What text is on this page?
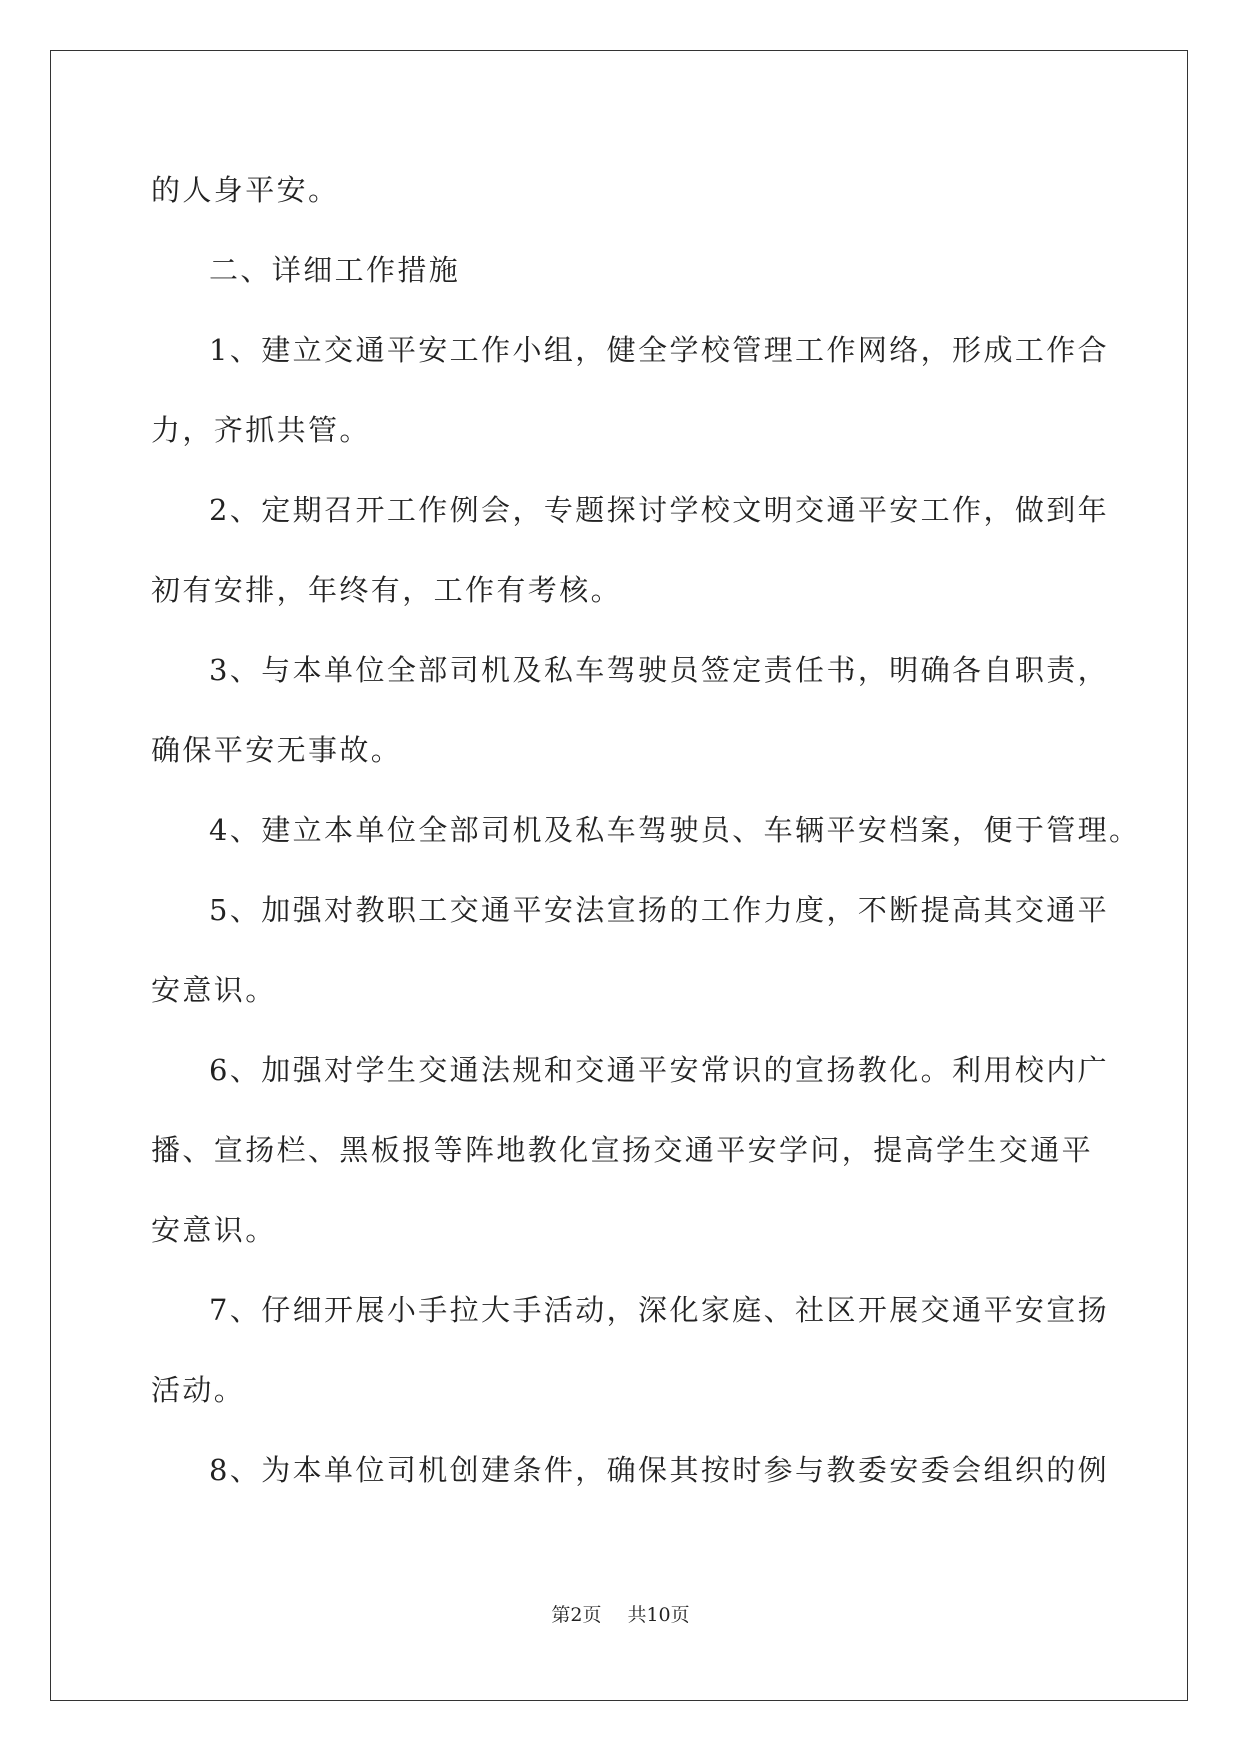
的人身平安。
二、详细工作措施
1、建立交通平安工作小组，健全学校管理工作网络，形成工作合
力，齐抓共管。
2、定期召开工作例会，专题探讨学校文明交通平安工作，做到年
初有安排，年终有，工作有考核。
3、与本单位全部司机及私车驾驶员签定责任书，明确各自职责，
确保平安无事故。
4、建立本单位全部司机及私车驾驶员、车辆平安档案，便于管理。
5、加强对教职工交通平安法宣扬的工作力度，不断提高其交通平
安意识。
6、加强对学生交通法规和交通平安常识的宣扬教化。利用校内广
播、宣扬栏、黑板报等阵地教化宣扬交通平安学问，提高学生交通平
安意识。
7、仔细开展小手拉大手活动，深化家庭、社区开展交通平安宣扬
活动。
8、为本单位司机创建条件，确保其按时参与教委安委会组织的例
第2页 共10页
